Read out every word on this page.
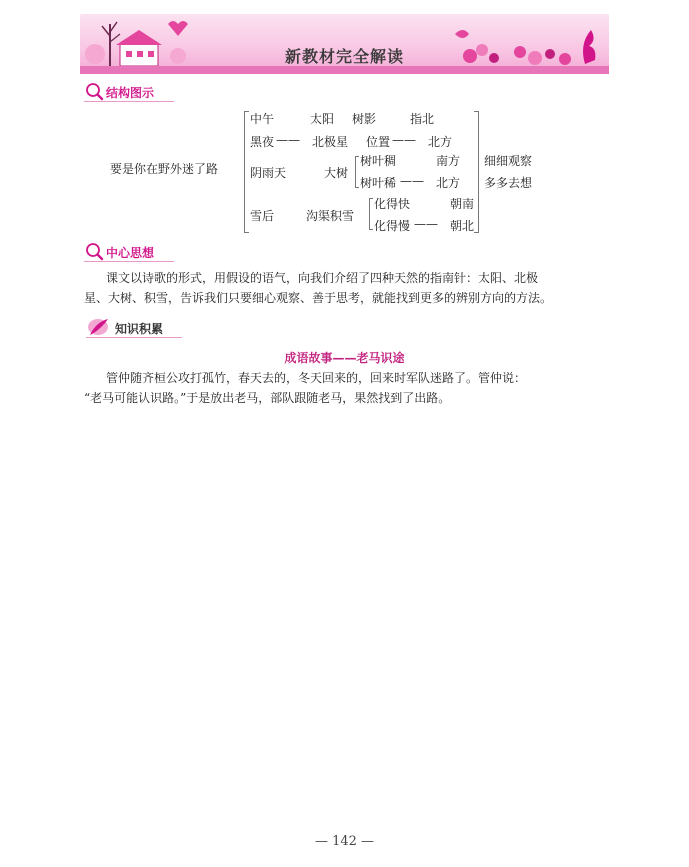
新教材完全解读
结构图示
要是你在野外迷了路
中午	太阳 树影	指北
黑夜 —— 北极星 位置 —— 北方
阴雨天	大树
树叶稠	南方
树叶稀 —— 北方
雪后	沟渠积雪
化得快	朝南
化得慢 —— 朝北
细细观察
多多去想
中心思想
课文以诗歌的形式，用假设的语气，向我们介绍了四种天然的指南针：太阳、北极
星、大树、积雪，告诉我们只要细心观察、善于思考，就能找到更多的辨别方向的方法。
知识积累
成语故事——老马识途
管仲随齐桓公攻打孤竹，春天去的，冬天回来的，回来时军队迷路了。管仲说：
“老马可能认识路。”于是放出老马，部队跟随老马，果然找到了出路。
— 142 —
